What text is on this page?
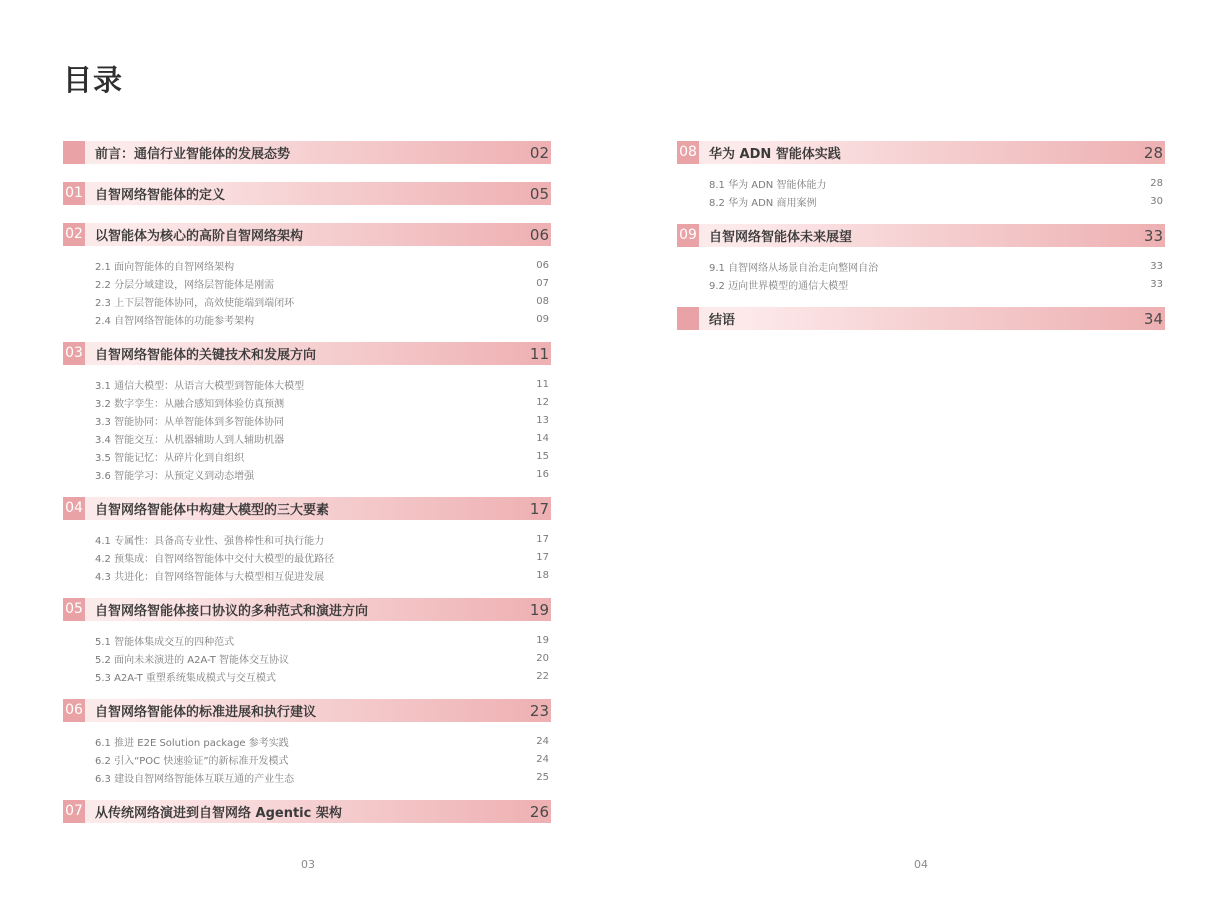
目录
前言：通信行业智能体的发展态势	02
01 自智网络智能体的定义	05
02 以智能体为核心的高阶自智网络架构	06
2.1 面向智能体的自智网络架构	06
2.2 分层分域建设，网络层智能体是刚需	07
2.3 上下层智能体协同，高效使能端到端闭环	08
2.4 自智网络智能体的功能参考架构	09
03 自智网络智能体的关键技术和发展方向	11
3.1 通信大模型：从语言大模型到智能体大模型	11
3.2 数字孪生：从融合感知到体验仿真预测	12
3.3 智能协同：从单智能体到多智能体协同	13
3.4 智能交互：从机器辅助人到人辅助机器	14
3.5 智能记忆：从碎片化到自组织	15
3.6 智能学习：从预定义到动态增强	16
04 自智网络智能体中构建大模型的三大要素	17
4.1 专属性：具备高专业性、强鲁棒性和可执行能力	17
4.2 预集成：自智网络智能体中交付大模型的最优路径	17
4.3 共进化：自智网络智能体与大模型相互促进发展	18
05 自智网络智能体接口协议的多种范式和演进方向	19
5.1 智能体集成交互的四种范式	19
5.2 面向未来演进的 A2A-T 智能体交互协议	20
5.3 A2A-T 重塑系统集成模式与交互模式	22
06 自智网络智能体的标准进展和执行建议	23
6.1 推进 E2E Solution package 参考实践	24
6.2 引入“POC 快速验证”的新标准开发模式	24
6.3 建设自智网络智能体互联互通的产业生态	25
07 从传统网络演进到自智网络 Agentic 架构	26
08 华为 ADN 智能体实践	28
8.1 华为 ADN 智能体能力	28
8.2 华为 ADN 商用案例	30
09 自智网络智能体未来展望	33
9.1 自智网络从场景自治走向整网自治	33
9.2 迈向世界模型的通信大模型	33
结语	34
03	04
